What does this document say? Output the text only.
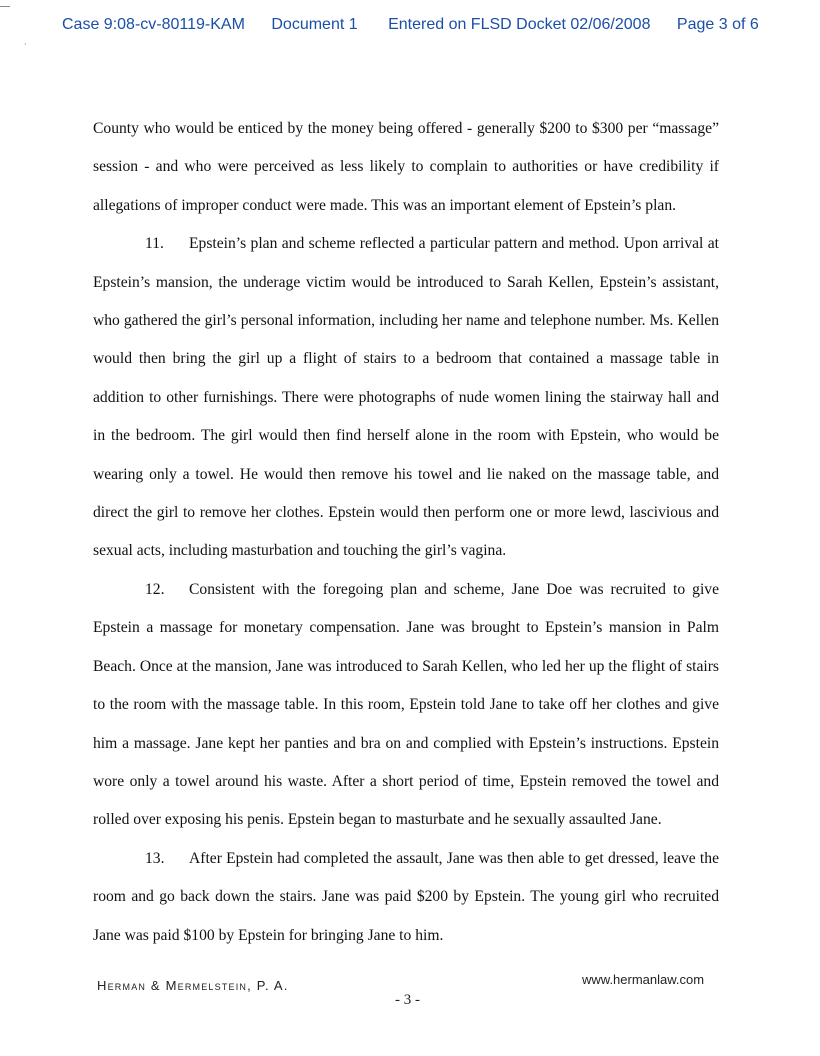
·
Case 9:08-cv-80119-KAM Document 1 Entered on FLSD Docket 02/06/2008 Page 3 of 6

County who would be enticed by the money being offered - generally $200 to $300 per “massage” session - and who were perceived as less likely to complain to authorities or have credibility if allegations of improper conduct were made. This was an important element of Epstein’s plan.

11. Epstein’s plan and scheme reflected a particular pattern and method. Upon arrival at Epstein’s mansion, the underage victim would be introduced to Sarah Kellen, Epstein’s assistant, who gathered the girl’s personal information, including her name and telephone number. Ms. Kellen would then bring the girl up a flight of stairs to a bedroom that contained a massage table in addition to other furnishings. There were photographs of nude women lining the stairway hall and in the bedroom. The girl would then find herself alone in the room with Epstein, who would be wearing only a towel. He would then remove his towel and lie naked on the massage table, and direct the girl to remove her clothes. Epstein would then perform one or more lewd, lascivious and sexual acts, including masturbation and touching the girl’s vagina.

12. Consistent with the foregoing plan and scheme, Jane Doe was recruited to give Epstein a massage for monetary compensation. Jane was brought to Epstein’s mansion in Palm Beach. Once at the mansion, Jane was introduced to Sarah Kellen, who led her up the flight of stairs to the room with the massage table. In this room, Epstein told Jane to take off her clothes and give him a massage. Jane kept her panties and bra on and complied with Epstein’s instructions. Epstein wore only a towel around his waste. After a short period of time, Epstein removed the towel and rolled over exposing his penis. Epstein began to masturbate and he sexually assaulted Jane.

13. After Epstein had completed the assault, Jane was then able to get dressed, leave the room and go back down the stairs. Jane was paid $200 by Epstein. The young girl who recruited Jane was paid $100 by Epstein for bringing Jane to him.

Herman & Mermelstein, P. A.	www.hermanlaw.com
- 3 -
